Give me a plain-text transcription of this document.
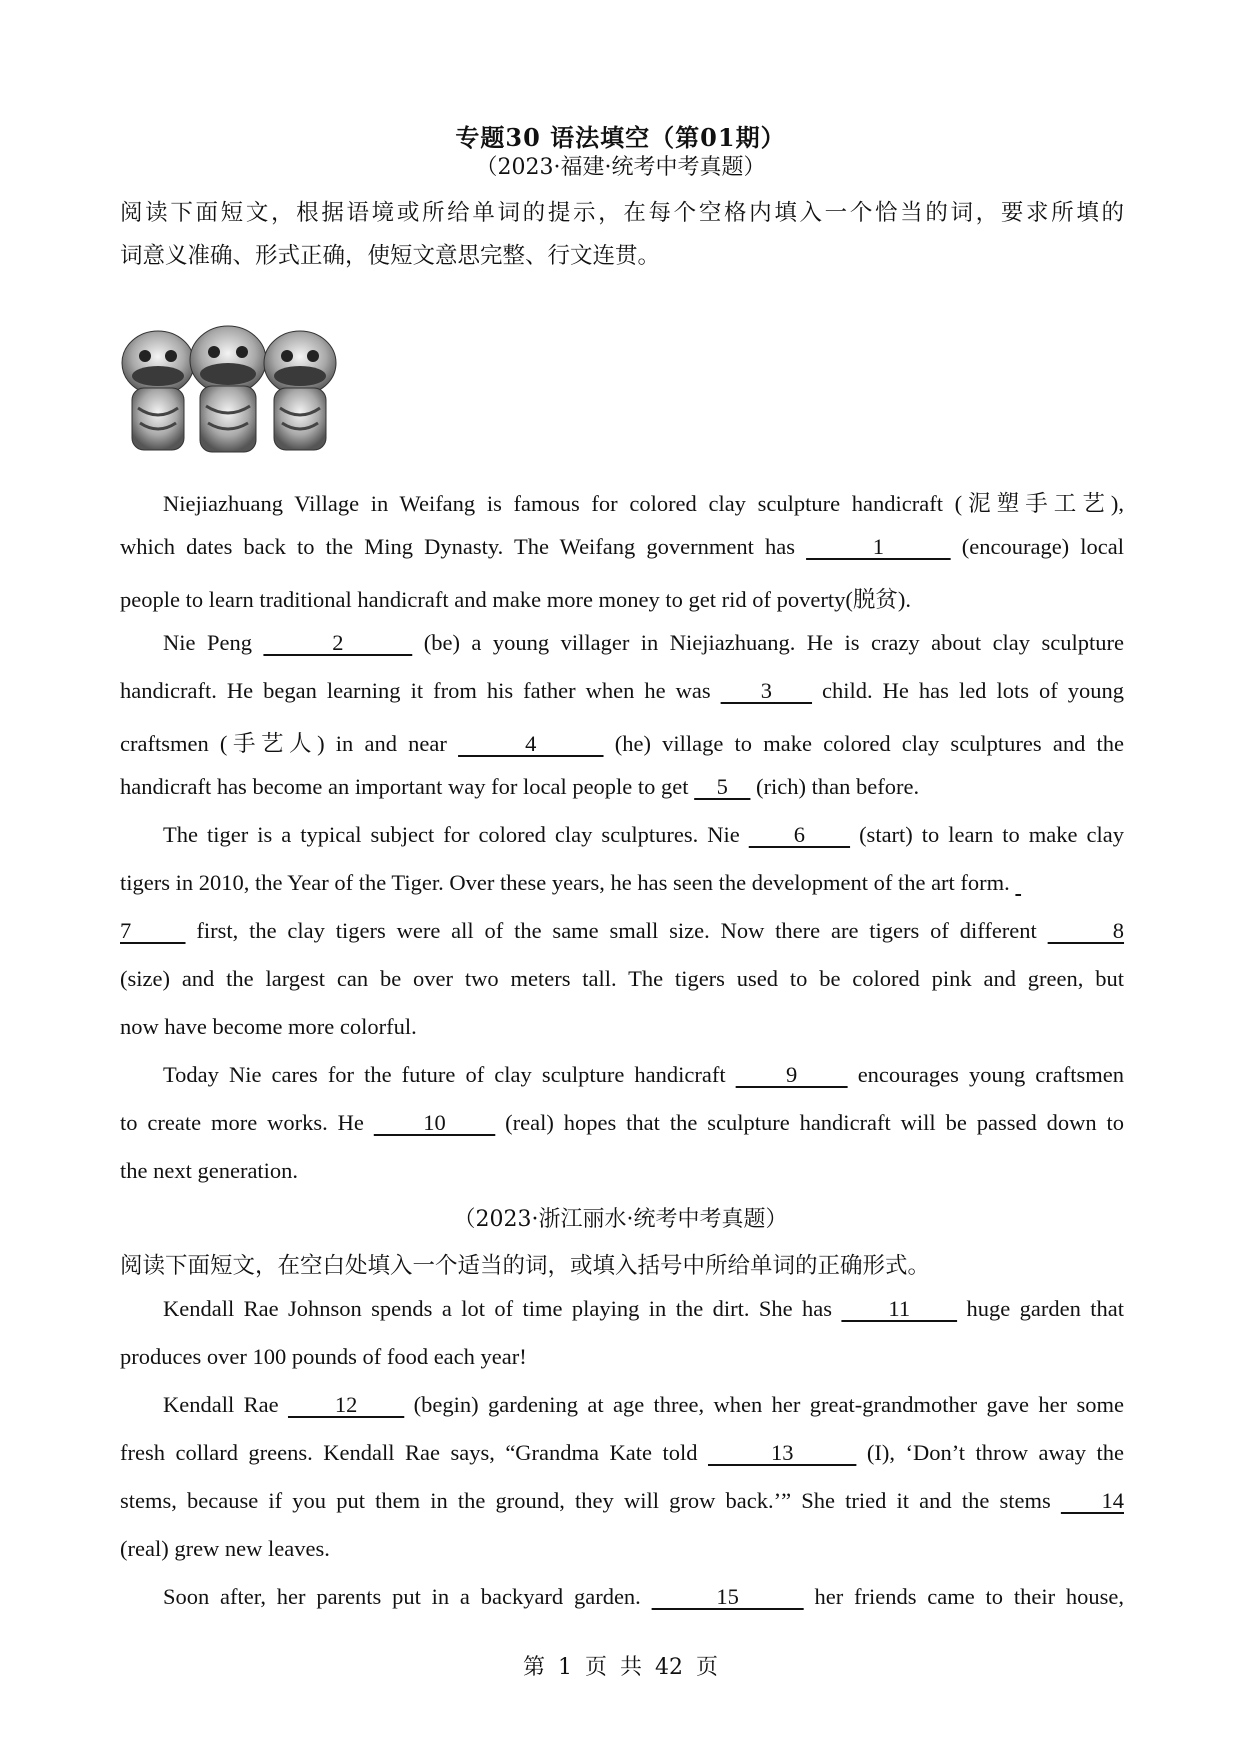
专题30 语法填空（第01期）
（2023·福建·统考中考真题）
阅读下面短文，根据语境或所给单词的提示，在每个空格内填入一个恰当的词，要求所填的
词意义准确、形式正确，使短文意思完整、行文连贯。
Niejiazhuang Village in Weifang is famous for colored clay sculpture handicraft (泥塑手工艺),
which dates back to the Ming Dynasty. The Weifang government has       1       (encourage) local
people to learn traditional handicraft and make more money to get rid of poverty(脱贫).
Nie Peng       2       (be) a young villager in Niejiazhuang. He is crazy about clay sculpture
handicraft. He began learning it from his father when he was     3     child. He has led lots of young
craftsmen (手艺人) in and near       4       (he) village to make colored clay sculptures and the
handicraft has become an important way for local people to get     5     (rich) than before.
The tiger is a typical subject for colored clay sculptures. Nie      6      (start) to learn to make clay
tigers in 2010, the Year of the Tiger. Over these years, he has seen the development of the art form.
7      first, the clay tigers were all of the same small size. Now there are tigers of different       8
(size) and the largest can be over two meters tall. The tigers used to be colored pink and green, but
now have become more colorful.
Today Nie cares for the future of clay sculpture handicraft      9      encourages young craftsmen
to create more works. He      10      (real) hopes that the sculpture handicraft will be passed down to
the next generation.
（2023·浙江丽水·统考中考真题）
阅读下面短文，在空白处填入一个适当的词，或填入括号中所给单词的正确形式。
Kendall Rae Johnson spends a lot of time playing in the dirt. She has      11      huge garden that
produces over 100 pounds of food each year!
Kendall Rae      12      (begin) gardening at age three, when her great-grandmother gave her some
fresh collard greens. Kendall Rae says, “Grandma Kate told       13       (I), ‘Don’t throw away the
stems, because if you put them in the ground, they will grow back.’” She tried it and the stems     14
(real) grew new leaves.
Soon after, her parents put in a backyard garden.       15       her friends came to their house,
第 1 页 共 42 页
